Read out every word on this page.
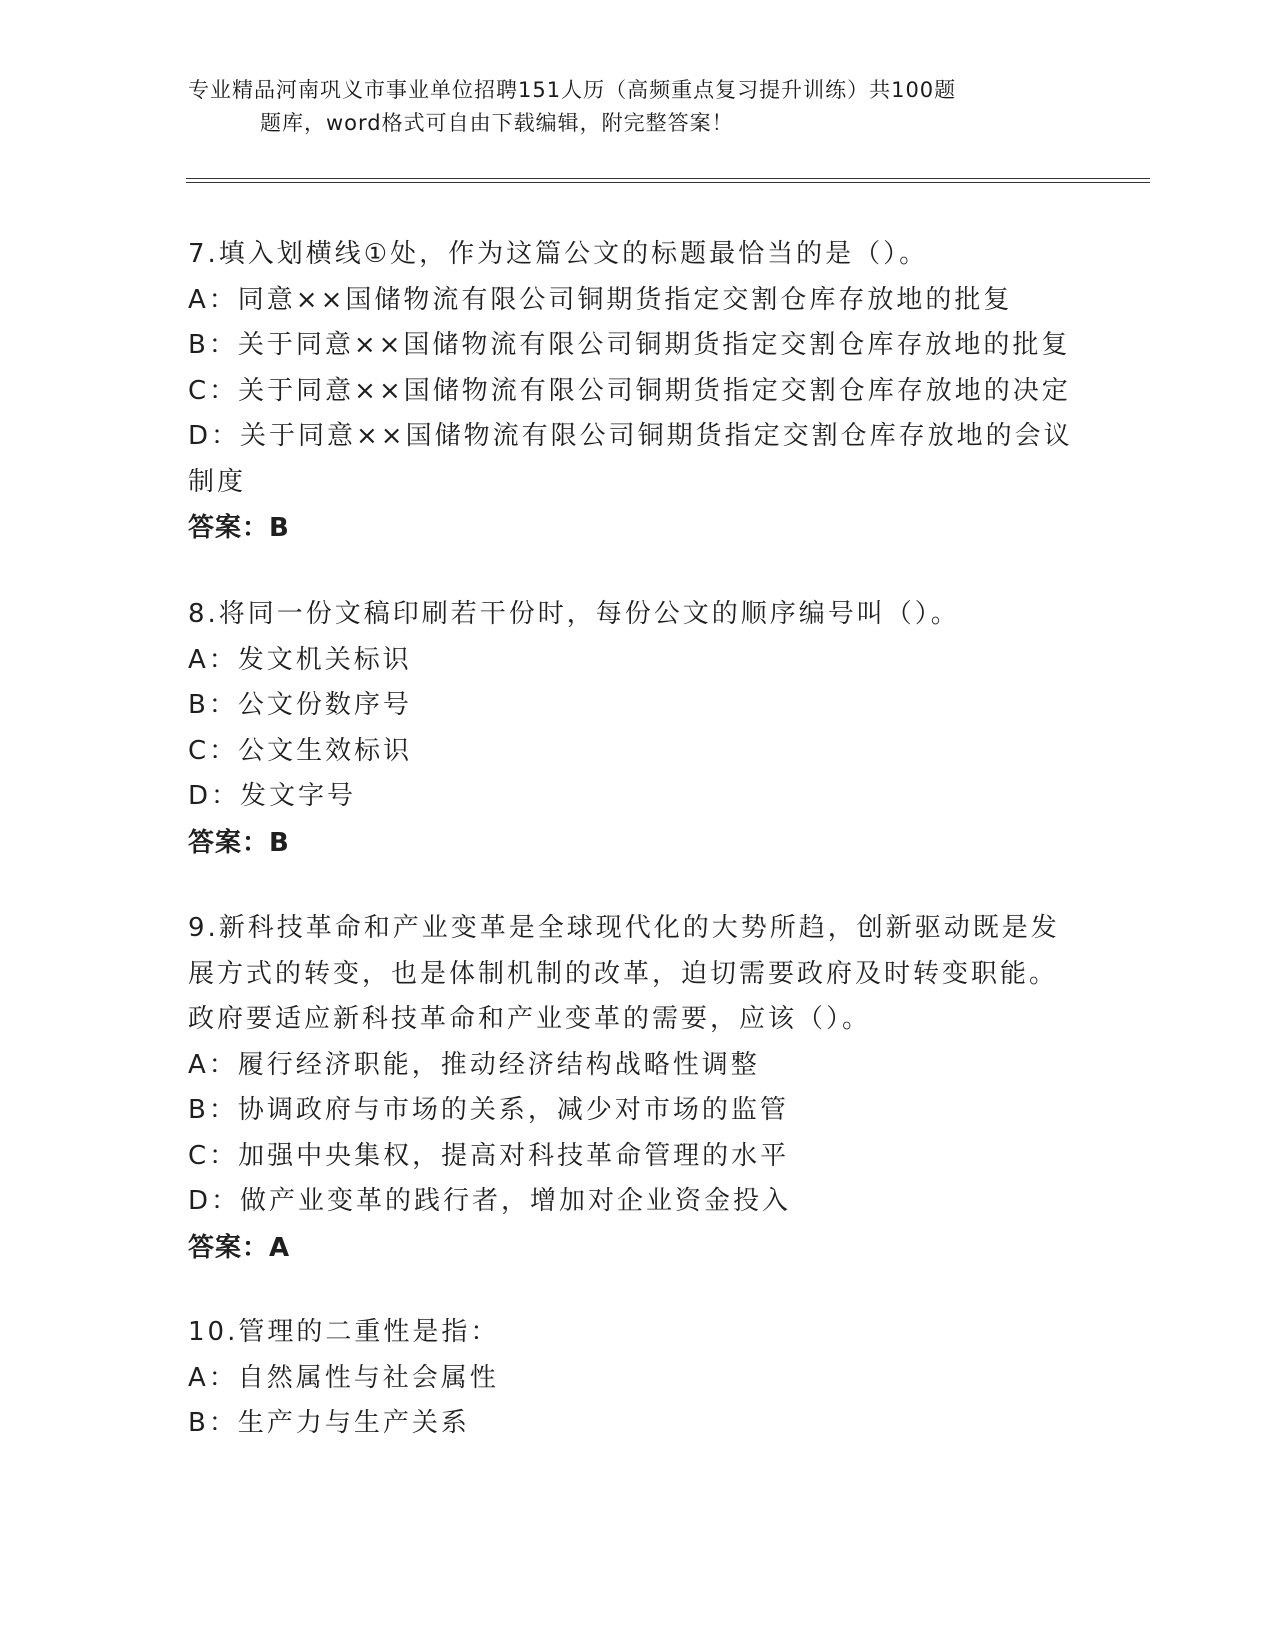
专业精品河南巩义市事业单位招聘151人历（高频重点复习提升训练）共100题
题库，word格式可自由下载编辑，附完整答案！
7.填入划横线①处，作为这篇公文的标题最恰当的是（）。
A：同意××国储物流有限公司铜期货指定交割仓库存放地的批复
B：关于同意××国储物流有限公司铜期货指定交割仓库存放地的批复
C：关于同意××国储物流有限公司铜期货指定交割仓库存放地的决定
D：关于同意××国储物流有限公司铜期货指定交割仓库存放地的会议
制度
答案：B
8.将同一份文稿印刷若干份时，每份公文的顺序编号叫（）。
A：发文机关标识
B：公文份数序号
C：公文生效标识
D：发文字号
答案：B
9.新科技革命和产业变革是全球现代化的大势所趋，创新驱动既是发
展方式的转变，也是体制机制的改革，迫切需要政府及时转变职能。
政府要适应新科技革命和产业变革的需要，应该（）。
A：履行经济职能，推动经济结构战略性调整
B：协调政府与市场的关系，减少对市场的监管
C：加强中央集权，提高对科技革命管理的水平
D：做产业变革的践行者，增加对企业资金投入
答案：A
10.管理的二重性是指：
A：自然属性与社会属性
B：生产力与生产关系
